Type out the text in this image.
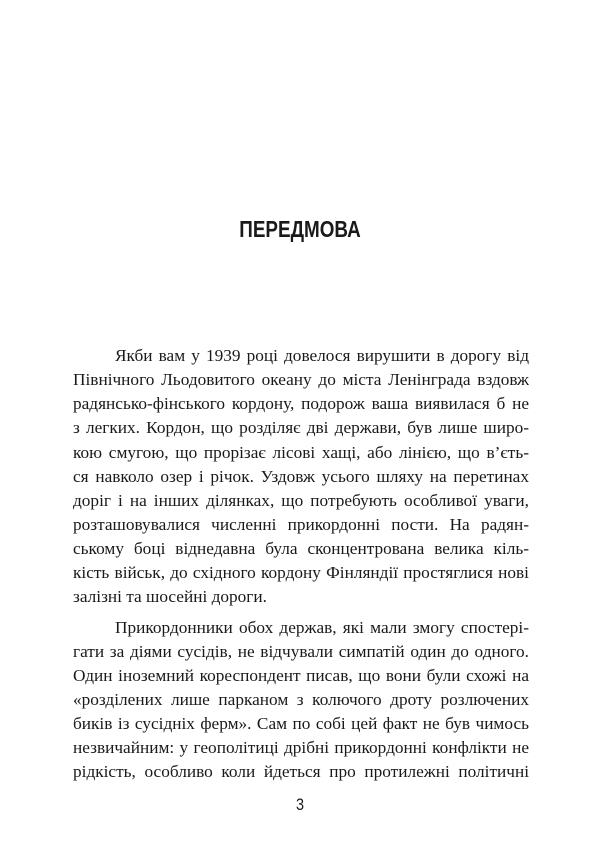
ПЕРЕДМОВА
Якби вам у 1939 році довелося вирушити в дорогу від
Північного Льодовитого океану до міста Ленінграда вздовж
радянсько-фінського кордону, подорож ваша виявилася б не
з легких. Кордон, що розділяє дві держави, був лише широ-
кою смугою, що прорізає лісові хащі, або лінією, що в’єть-
ся навколо озер і річок. Уздовж усього шляху на перетинах
доріг і на інших ділянках, що потребують особливої уваги,
розташовувалися численні прикордонні пости. На радян-
ському боці віднедавна була сконцентрована велика кіль-
кість військ, до східного кордону Фінляндії простяглися нові
залізні та шосейні дороги.
Прикордонники обох держав, які мали змогу спостері-
гати за діями сусідів, не відчували симпатій один до одного.
Один іноземний кореспондент писав, що вони були схожі на
«розділених лише парканом з колючого дроту розлючених
биків із сусідніх ферм». Сам по собі цей факт не був чимось
незвичайним: у геополітиці дрібні прикордонні конфлікти не
рідкість, особливо коли йдеться про протилежні політичні
3
